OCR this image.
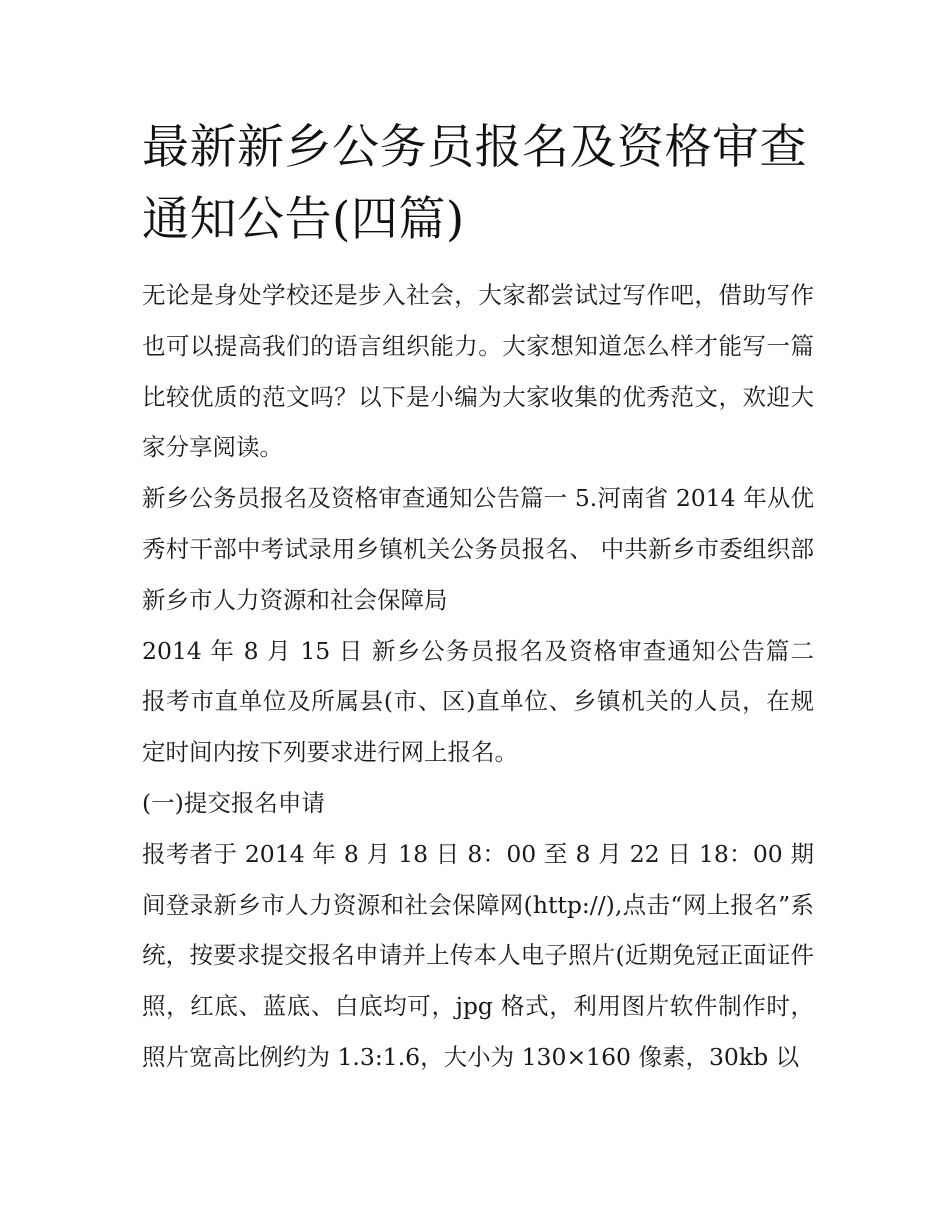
最新新乡公务员报名及资格审查通知公告(四篇)

无论是身处学校还是步入社会，大家都尝试过写作吧，借助写作也可以提高我们的语言组织能力。大家想知道怎么样才能写一篇比较优质的范文吗？以下是小编为大家收集的优秀范文，欢迎大家分享阅读。

新乡公务员报名及资格审查通知公告篇一 5.河南省 2014 年从优秀村干部中考试录用乡镇机关公务员报名、 中共新乡市委组织部 新乡市人力资源和社会保障局

2014 年 8 月 15 日 新乡公务员报名及资格审查通知公告篇二 报考市直单位及所属县(市、区)直单位、乡镇机关的人员，在规定时间内按下列要求进行网上报名。

(一)提交报名申请

报考者于 2014 年 8 月 18 日 8：00 至 8 月 22 日 18：00 期间登录新乡市人力资源和社会保障网(http://),点击“网上报名”系统，按要求提交报名申请并上传本人电子照片(近期免冠正面证件照，红底、蓝底、白底均可，jpg 格式，利用图片软件制作时，照片宽高比例约为 1.3:1.6，大小为 130×160 像素，30kb 以
